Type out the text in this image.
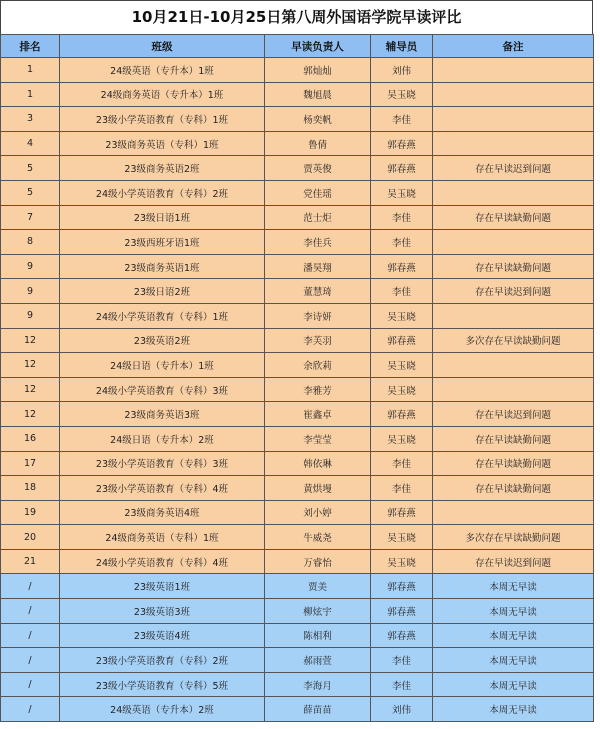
10月21日-10月25日第八周外国语学院早读评比
排名	班级	早读负责人	辅导员	备注
1	24级英语（专升本）1班	郭灿灿	刘伟	
1	24级商务英语（专升本）1班	魏旭晨	吴玉晓	
3	23级小学英语教育（专科）1班	杨奕帆	李佳	
4	23级商务英语（专科）1班	鲁倩	郭春燕	
5	23级商务英语2班	贾英俊	郭春燕	存在早读迟到问题
5	24级小学英语教育（专科）2班	党佳瑶	吴玉晓	
7	23级日语1班	范士炬	李佳	存在早读缺勤问题
8	23级西班牙语1班	李佳兵	李佳	
9	23级商务英语1班	潘昊翔	郭春燕	存在早读缺勤问题
9	23级日语2班	董慧琦	李佳	存在早读迟到问题
9	24级小学英语教育（专科）1班	李诗妍	吴玉晓	
12	23级英语2班	李芙羽	郭春燕	多次存在早读缺勤问题
12	24级日语（专升本）1班	余欣莉	吴玉晓	
12	24级小学英语教育（专科）3班	李雅芳	吴玉晓	
12	23级商务英语3班	崔鑫卓	郭春燕	存在早读迟到问题
16	24级日语（专升本）2班	李莹莹	吴玉晓	存在早读缺勤问题
17	23级小学英语教育（专科）3班	韩依琳	李佳	存在早读缺勤问题
18	23级小学英语教育（专科）4班	黄烘墁	李佳	存在早读缺勤问题
19	23级商务英语4班	刘小婷	郭春燕	
20	24级商务英语（专科）1班	牛威尧	吴玉晓	多次存在早读缺勤问题
21	24级小学英语教育（专科）4班	万睿怡	吴玉晓	存在早读迟到问题
/	23级英语1班	贾美	郭春燕	本周无早读
/	23级英语3班	柳炫宇	郭春燕	本周无早读
/	23级英语4班	陈相利	郭春燕	本周无早读
/	23级小学英语教育（专科）2班	郝雨萱	李佳	本周无早读
/	23级小学英语教育（专科）5班	李海月	李佳	本周无早读
/	24级英语（专升本）2班	薛苗苗	刘伟	本周无早读
